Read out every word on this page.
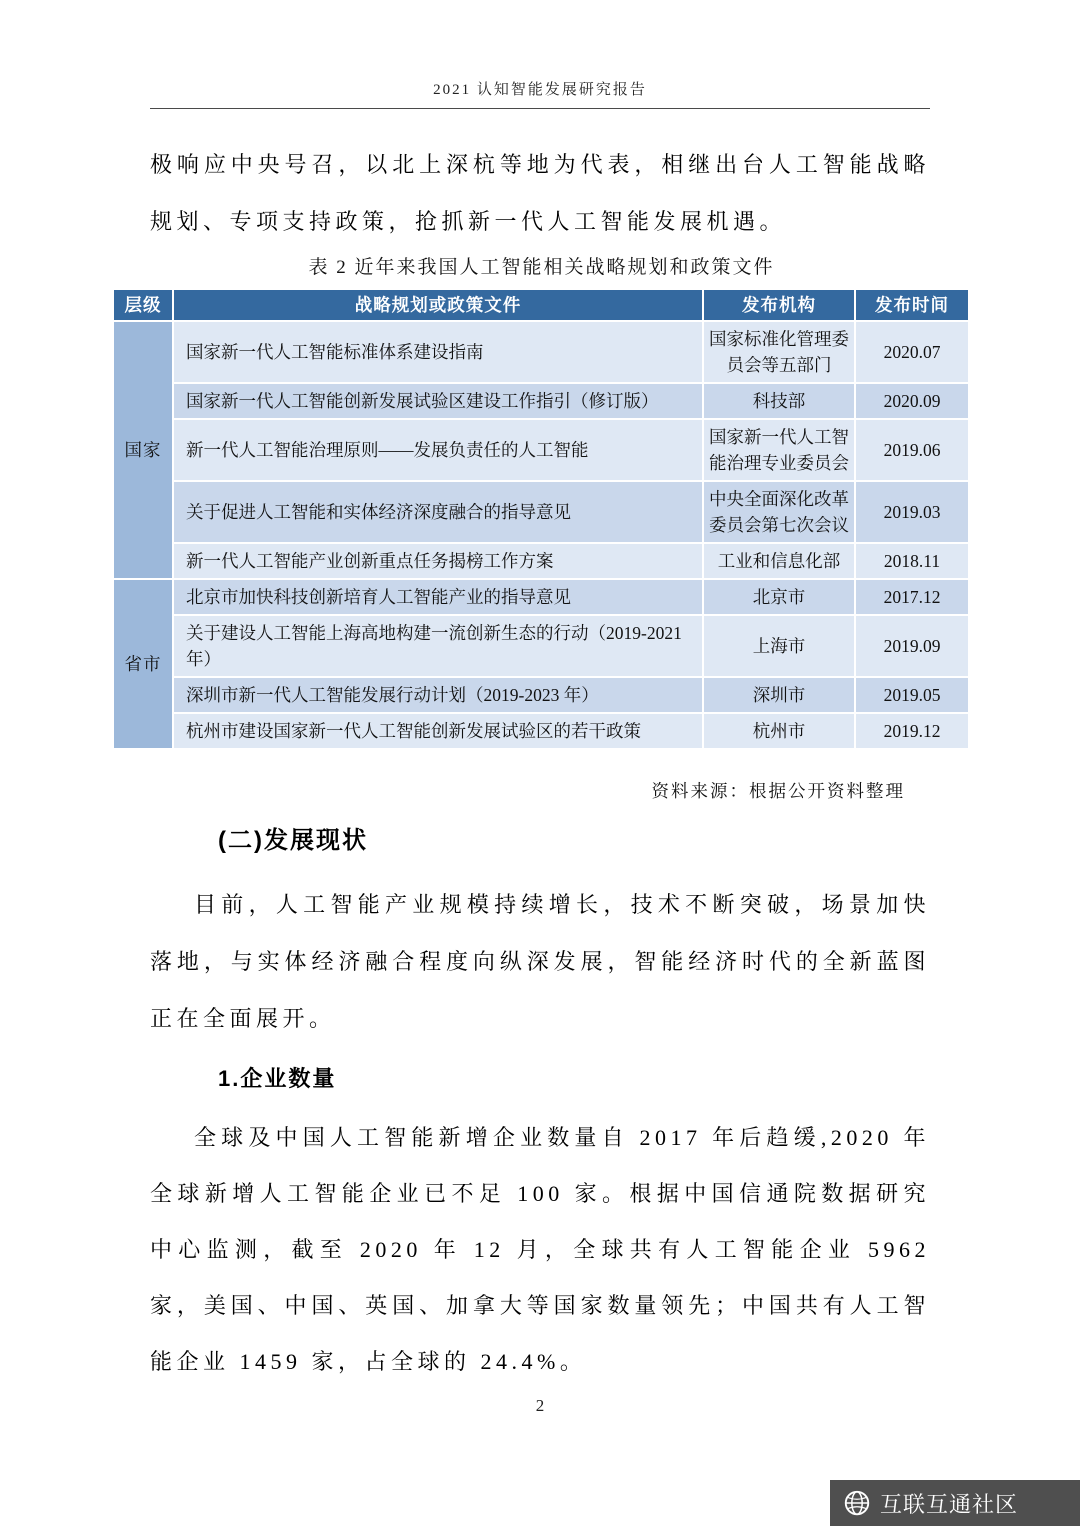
2021 认知智能发展研究报告

极响应中央号召，以北上深杭等地为代表，相继出台人工智能战略规划、专项支持政策，抢抓新一代人工智能发展机遇。

表 2 近年来我国人工智能相关战略规划和政策文件
层级	战略规划或政策文件	发布机构	发布时间
国家	国家新一代人工智能标准体系建设指南	国家标准化管理委员会等五部门	2020.07
	国家新一代人工智能创新发展试验区建设工作指引（修订版）	科技部	2020.09
	新一代人工智能治理原则——发展负责任的人工智能	国家新一代人工智能治理专业委员会	2019.06
	关于促进人工智能和实体经济深度融合的指导意见	中央全面深化改革委员会第七次会议	2019.03
	新一代人工智能产业创新重点任务揭榜工作方案	工业和信息化部	2018.11
省市	北京市加快科技创新培育人工智能产业的指导意见	北京市	2017.12
	关于建设人工智能上海高地构建一流创新生态的行动（2019-2021 年）	上海市	2019.09
	深圳市新一代人工智能发展行动计划（2019-2023 年）	深圳市	2019.05
	杭州市建设国家新一代人工智能创新发展试验区的若干政策	杭州市	2019.12
资料来源：根据公开资料整理
(二)发展现状

目前，人工智能产业规模持续增长，技术不断突破，场景加快落地，与实体经济融合程度向纵深发展，智能经济时代的全新蓝图正在全面展开。

1.企业数量

全球及中国人工智能新增企业数量自 2017 年后趋缓,2020 年全球新增人工智能企业已不足 100 家。根据中国信通院数据研究中心监测，截至 2020 年 12 月，全球共有人工智能企业 5962 家，美国、中国、英国、加拿大等国家数量领先；中国共有人工智能企业 1459 家，占全球的 24.4%。

2
互联互通社区
